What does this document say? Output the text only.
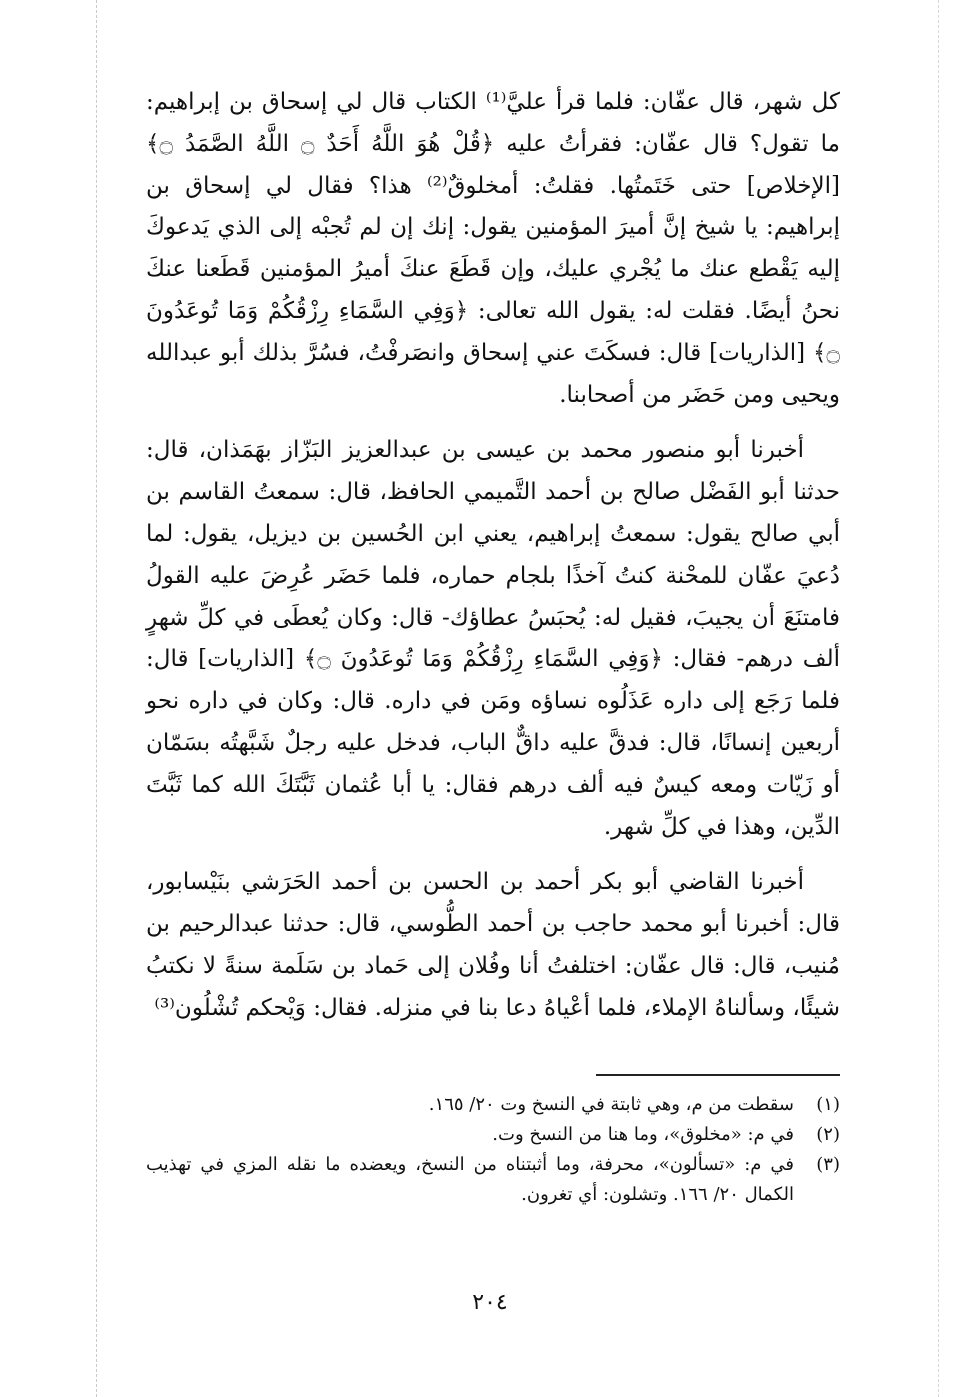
كل شهر، قال عفّان: فلما قرأ عليَّ⁽¹⁾ الكتاب قال لي إسحاق بن إبراهيم: ما تقول؟ قال عفّان: فقرأتُ عليه ﴿قُلْ هُوَ اللَّهُ أَحَدٌ ۝ اللَّهُ الصَّمَدُ ۝﴾ [الإخلاص] حتى خَتَمتُها. فقلتُ: أمخلوقٌ⁽²⁾ هذا؟ فقال لي إسحاق بن إبراهيم: يا شيخ إنَّ أميرَ المؤمنين يقول: إنك إن لم تُجبْه إلى الذي يَدعوكَ إليه يَقْطع عنك ما يُجْري عليك، وإن قَطَعَ عنكَ أميرُ المؤمنين قَطَعنا عنكَ نحنُ أيضًا. فقلت له: يقول الله تعالى: ﴿وَفِي السَّمَاءِ رِزْقُكُمْ وَمَا تُوعَدُونَ ۝﴾ [الذاريات] قال: فسكَتَ عني إسحاق وانصَرفْتُ، فسُرَّ بذلك أبو عبدالله ويحيى ومن حَضَر من أصحابنا.

أخبرنا أبو منصور محمد بن عيسى بن عبدالعزيز البَزّاز بهَمَذان، قال: حدثنا أبو الفَضْل صالح بن أحمد التَّميمي الحافظ، قال: سمعتُ القاسم بن أبي صالح يقول: سمعتُ إبراهيم، يعني ابن الحُسين بن ديزيل، يقول: لما دُعيَ عفّان للمحْنة كنتُ آخذًا بلجام حماره، فلما حَضَر عُرِضَ عليه القولُ فامتنَعَ أن يجيبَ، فقيل له: يُحبَسُ عطاؤك- قال: وكان يُعطَى في كلِّ شهرٍ ألف درهم- فقال: ﴿وَفِي السَّمَاءِ رِزْقُكُمْ وَمَا تُوعَدُونَ ۝﴾ [الذاريات] قال: فلما رَجَع إلى داره عَذَلُوه نساؤه ومَن في داره. قال: وكان في داره نحو أربعين إنسانًا، قال: فدقَّ عليه داقٌّ الباب، فدخل عليه رجلٌ شَبَّهتُه بسَمّان أو زَيّات ومعه كيسٌ فيه ألف درهم فقال: يا أبا عُثمان ثَبَّتَكَ الله كما ثَبَّتَ الدِّين، وهذا في كلِّ شهر.

أخبرنا القاضي أبو بكر أحمد بن الحسن بن أحمد الحَرَشي بنَيْسابور، قال: أخبرنا أبو محمد حاجب بن أحمد الطُّوسي، قال: حدثنا عبدالرحيم بن مُنيب، قال: قال عفّان: اختلفتُ أنا وفُلان إلى حَماد بن سَلَمة سنةً لا نكتبُ شيئًا، وسألناهُ الإملاء، فلما أعْياهُ دعا بنا في منزله. فقال: وَيْحكم تُشْلُون⁽³⁾

(١)
سقطت من م، وهي ثابتة في النسخ وت ٢٠/ ١٦٥.
(٢)
في م: «مخلوق»، وما هنا من النسخ وت.
(٣)
في م: «تسألون»، محرفة، وما أثبتناه من النسخ، ويعضده ما نقله المزي في تهذيب الكمال ٢٠/ ١٦٦. وتشلون: أي تغرون.
٢٠٤
